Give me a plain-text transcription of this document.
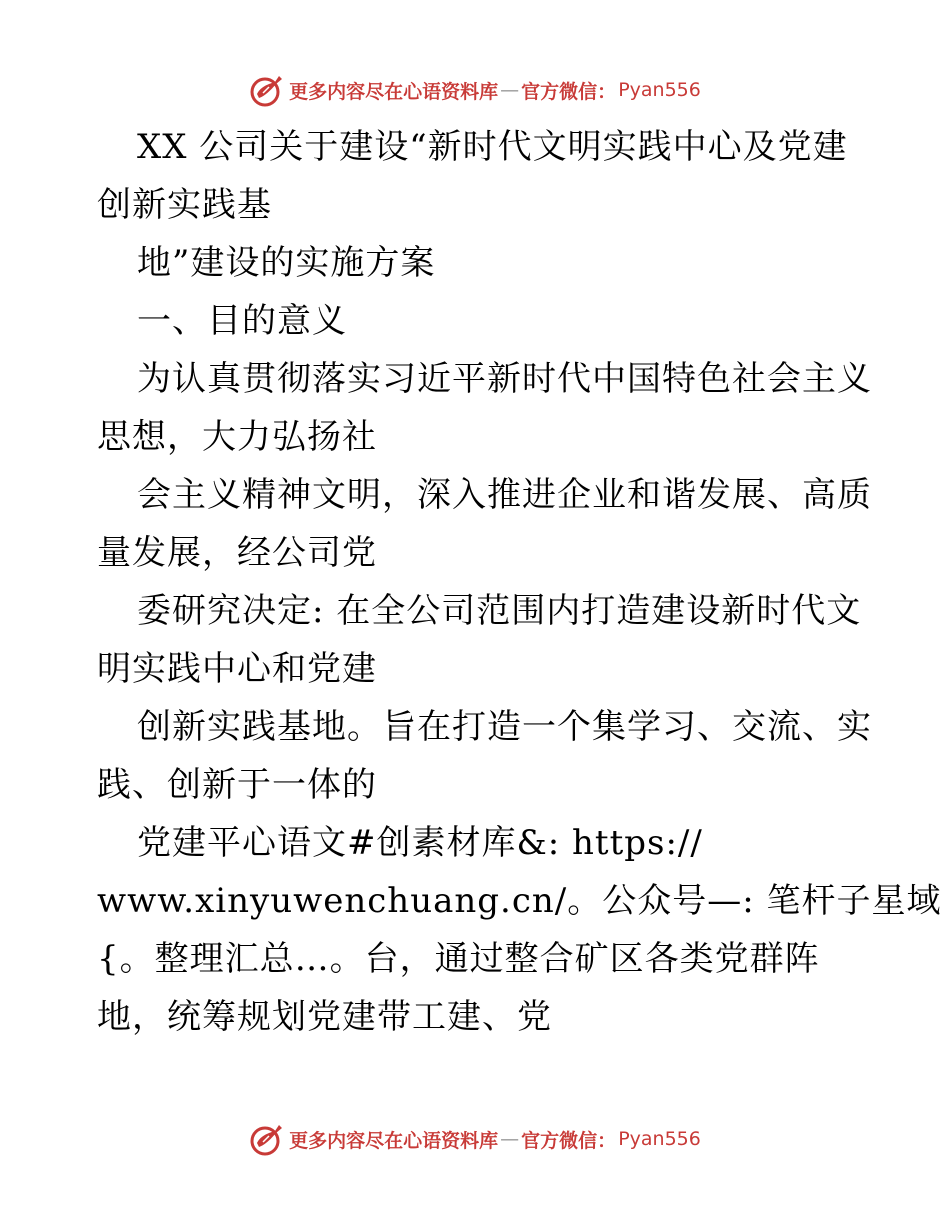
更多内容尽在心语资料库 — 官方微信： Pyan556
XX 公司关于建设“新时代文明实践中心及党建
创新实践基
地”建设的实施方案
一、目的意义
为认真贯彻落实习近平新时代中国特色社会主义
思想，大力弘扬社
会主义精神文明，深入推进企业和谐发展、高质
量发展，经公司党
委研究决定: 在全公司范围内打造建设新时代文
明实践中心和党建
创新实践基地。旨在打造一个集学习、交流、实
践、创新于一体的
党建平心语文#创素材库&: https://
www.xinyuwenchuang.cn/。公众号—: 笔杆子星域
{。整理汇总…。台，通过整合矿区各类党群阵
地，统筹规划党建带工建、党
更多内容尽在心语资料库 — 官方微信： Pyan556
